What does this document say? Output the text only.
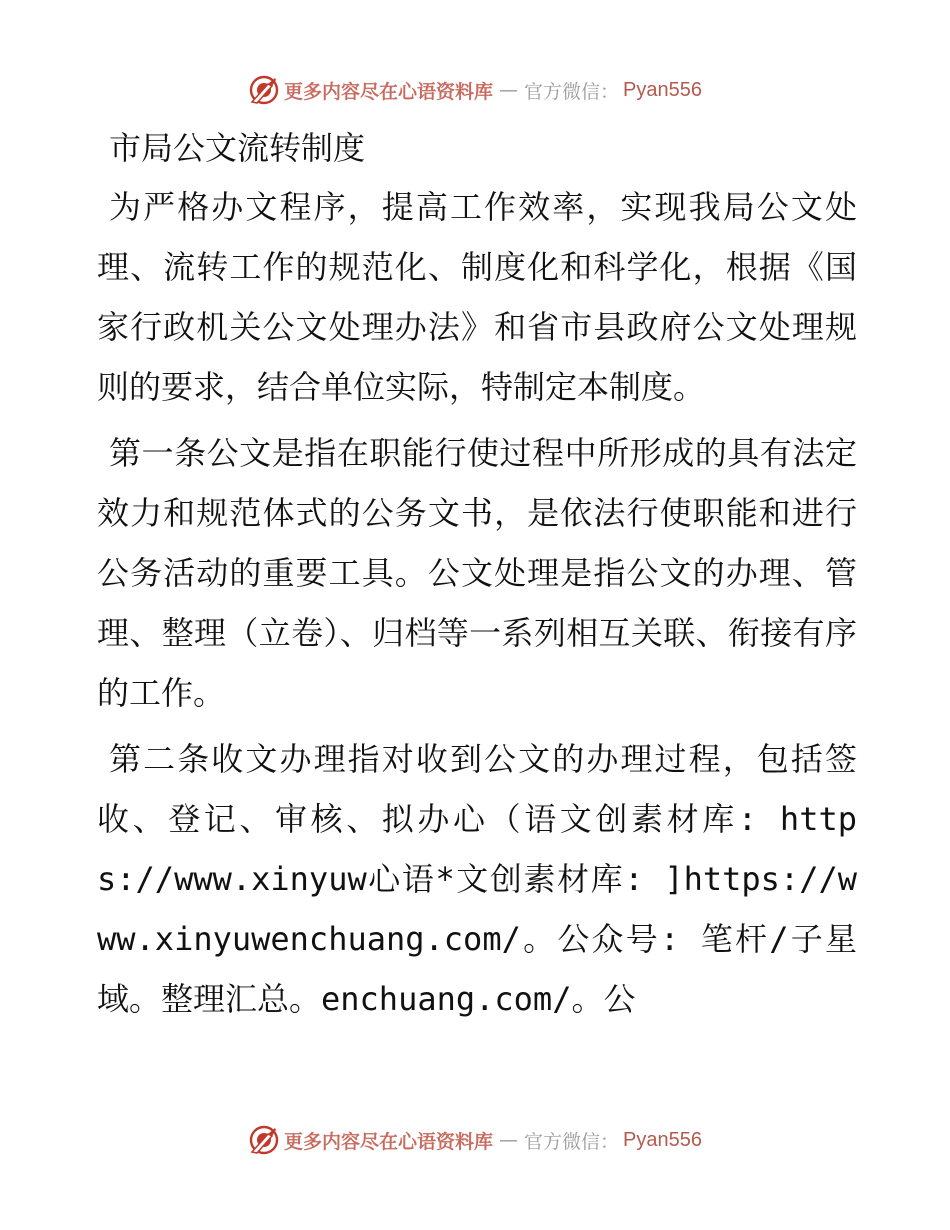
更多内容尽在心语资料库 — 官方微信： Pyan556
市局公文流转制度

为严格办文程序，提高工作效率，实现我局公文处理、流转工作的规范化、制度化和科学化，根据《国家行政机关公文处理办法》和省市县政府公文处理规则的要求，结合单位实际，特制定本制度。

第一条公文是指在职能行使过程中所形成的具有法定效力和规范体式的公务文书，是依法行使职能和进行公务活动的重要工具。公文处理是指公文的办理、管理、整理（立卷）、归档等一系列相互关联、衔接有序的工作。

第二条收文办理指对收到公文的办理过程，包括签收、登记、审核、拟办心（语文创素材库: https://www.xinyuw心语*文创素材库: ]https://www.xinyuwenchuang.com/。公众号: 笔杆/子星域。整理汇总。enchuang.com/。公

更多内容尽在心语资料库 — 官方微信： Pyan556
